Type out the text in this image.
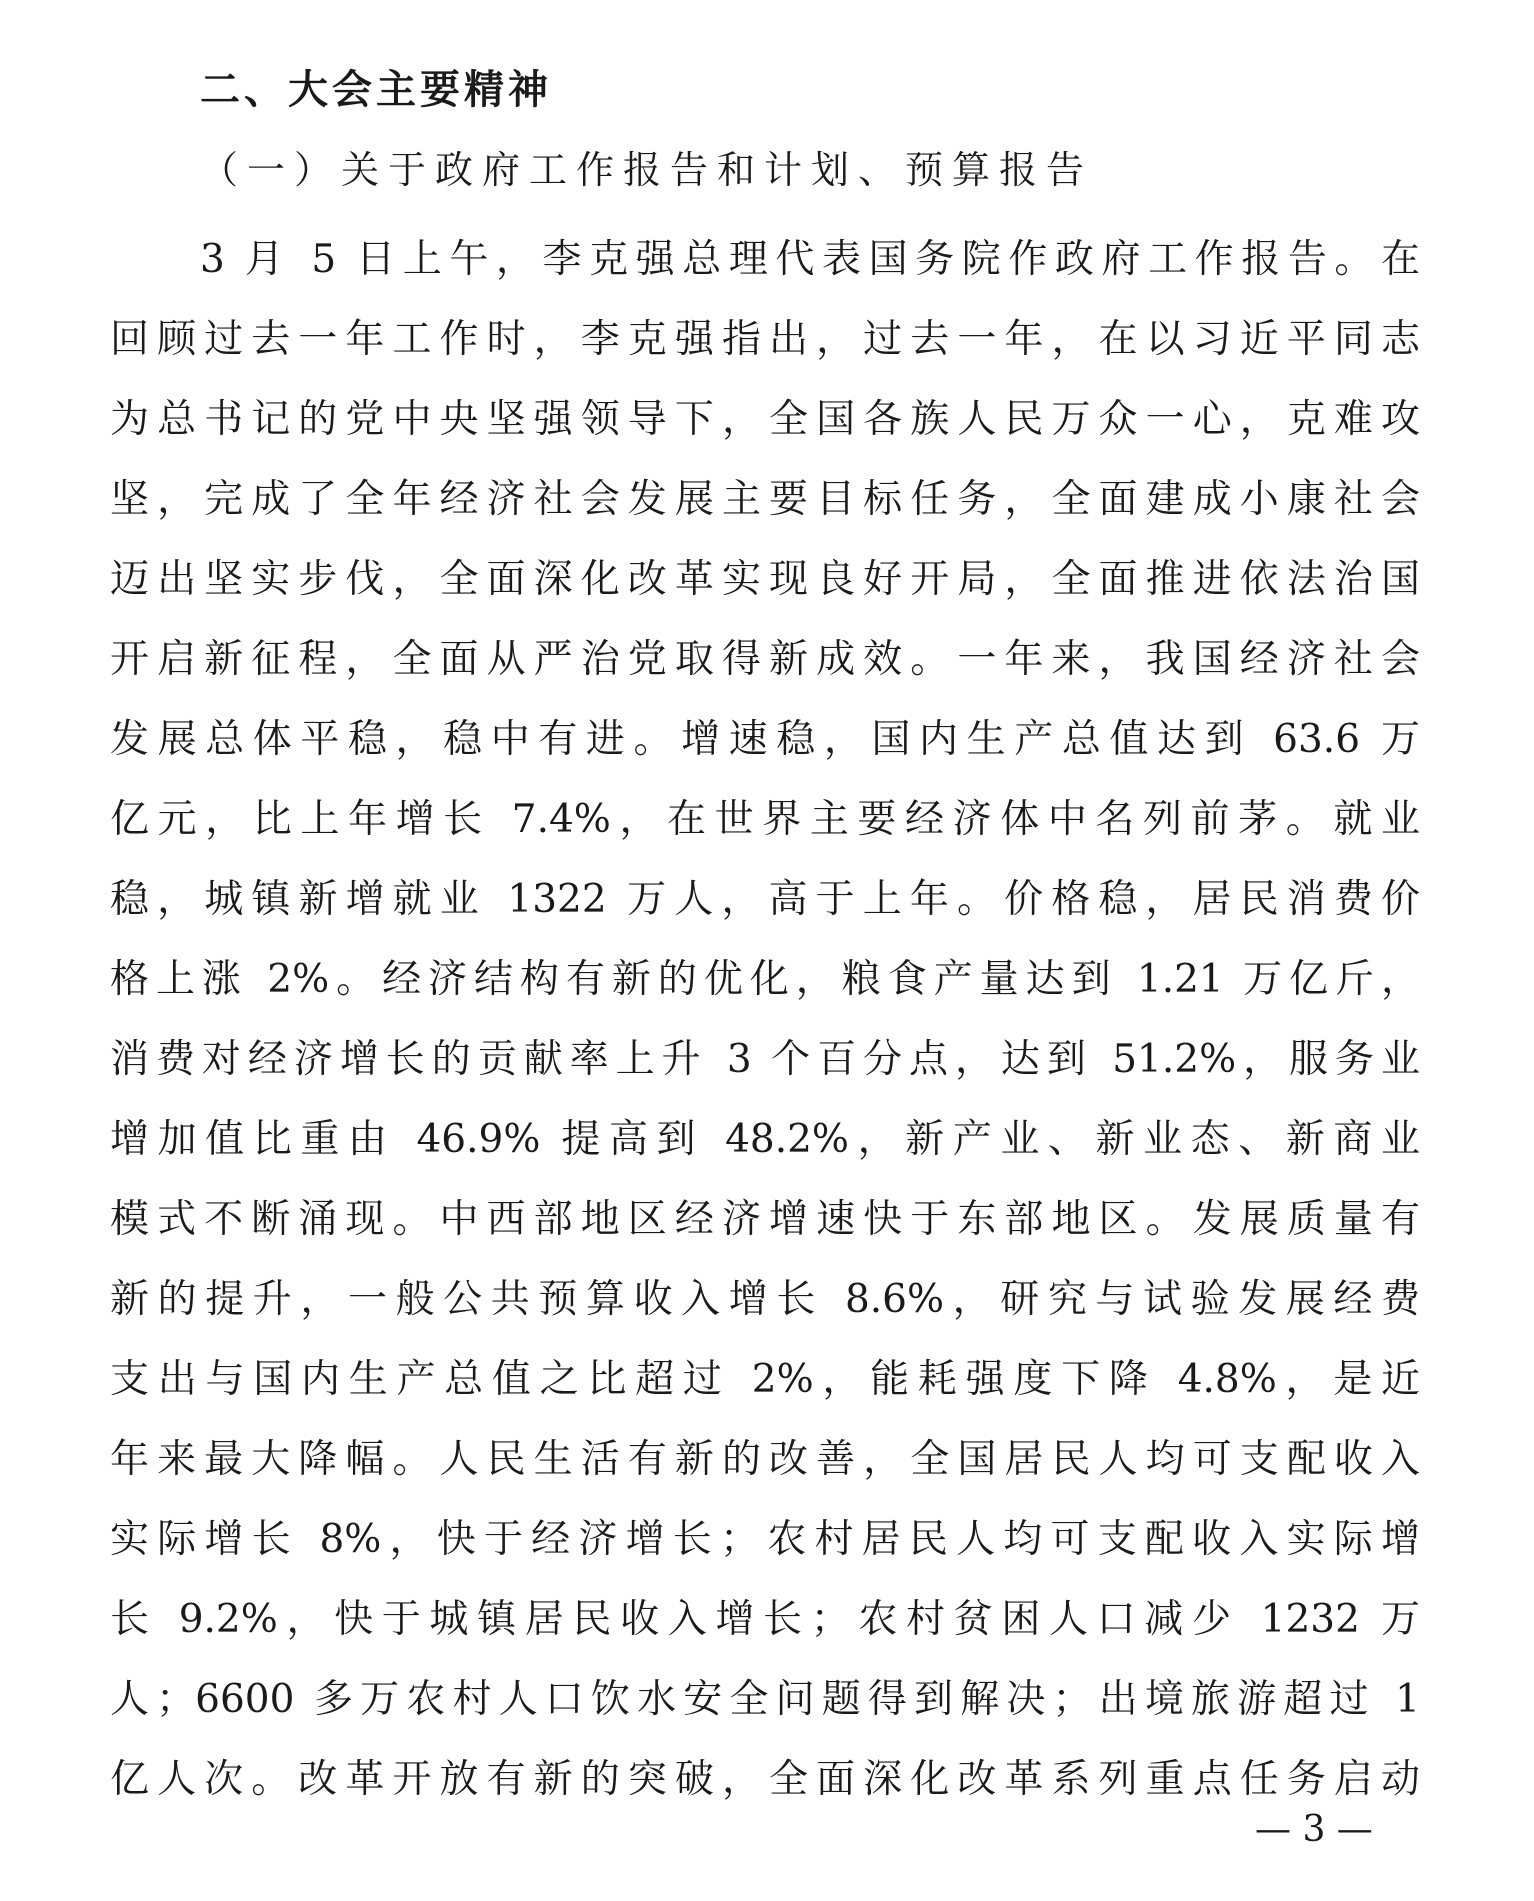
二、大会主要精神
（一）关于政府工作报告和计划、预算报告
3 月 5 日上午，李克强总理代表国务院作政府工作报告。在
回顾过去一年工作时，李克强指出，过去一年，在以习近平同志
为总书记的党中央坚强领导下，全国各族人民万众一心，克难攻
坚，完成了全年经济社会发展主要目标任务，全面建成小康社会
迈出坚实步伐，全面深化改革实现良好开局，全面推进依法治国
开启新征程，全面从严治党取得新成效。一年来，我国经济社会
发展总体平稳，稳中有进。增速稳，国内生产总值达到 63.6 万
亿元，比上年增长 7.4%，在世界主要经济体中名列前茅。就业
稳，城镇新增就业 1322 万人，高于上年。价格稳，居民消费价
格上涨 2%。经济结构有新的优化，粮食产量达到 1.21 万亿斤，
消费对经济增长的贡献率上升 3 个百分点，达到 51.2%，服务业
增加值比重由 46.9% 提高到 48.2%，新产业、新业态、新商业
模式不断涌现。中西部地区经济增速快于东部地区。发展质量有
新的提升，一般公共预算收入增长 8.6%，研究与试验发展经费
支出与国内生产总值之比超过 2%，能耗强度下降 4.8%，是近
年来最大降幅。人民生活有新的改善，全国居民人均可支配收入
实际增长 8%，快于经济增长；农村居民人均可支配收入实际增
长 9.2%，快于城镇居民收入增长；农村贫困人口减少 1232 万
人；6600 多万农村人口饮水安全问题得到解决；出境旅游超过 1
亿人次。改革开放有新的突破，全面深化改革系列重点任务启动
— 3 —
